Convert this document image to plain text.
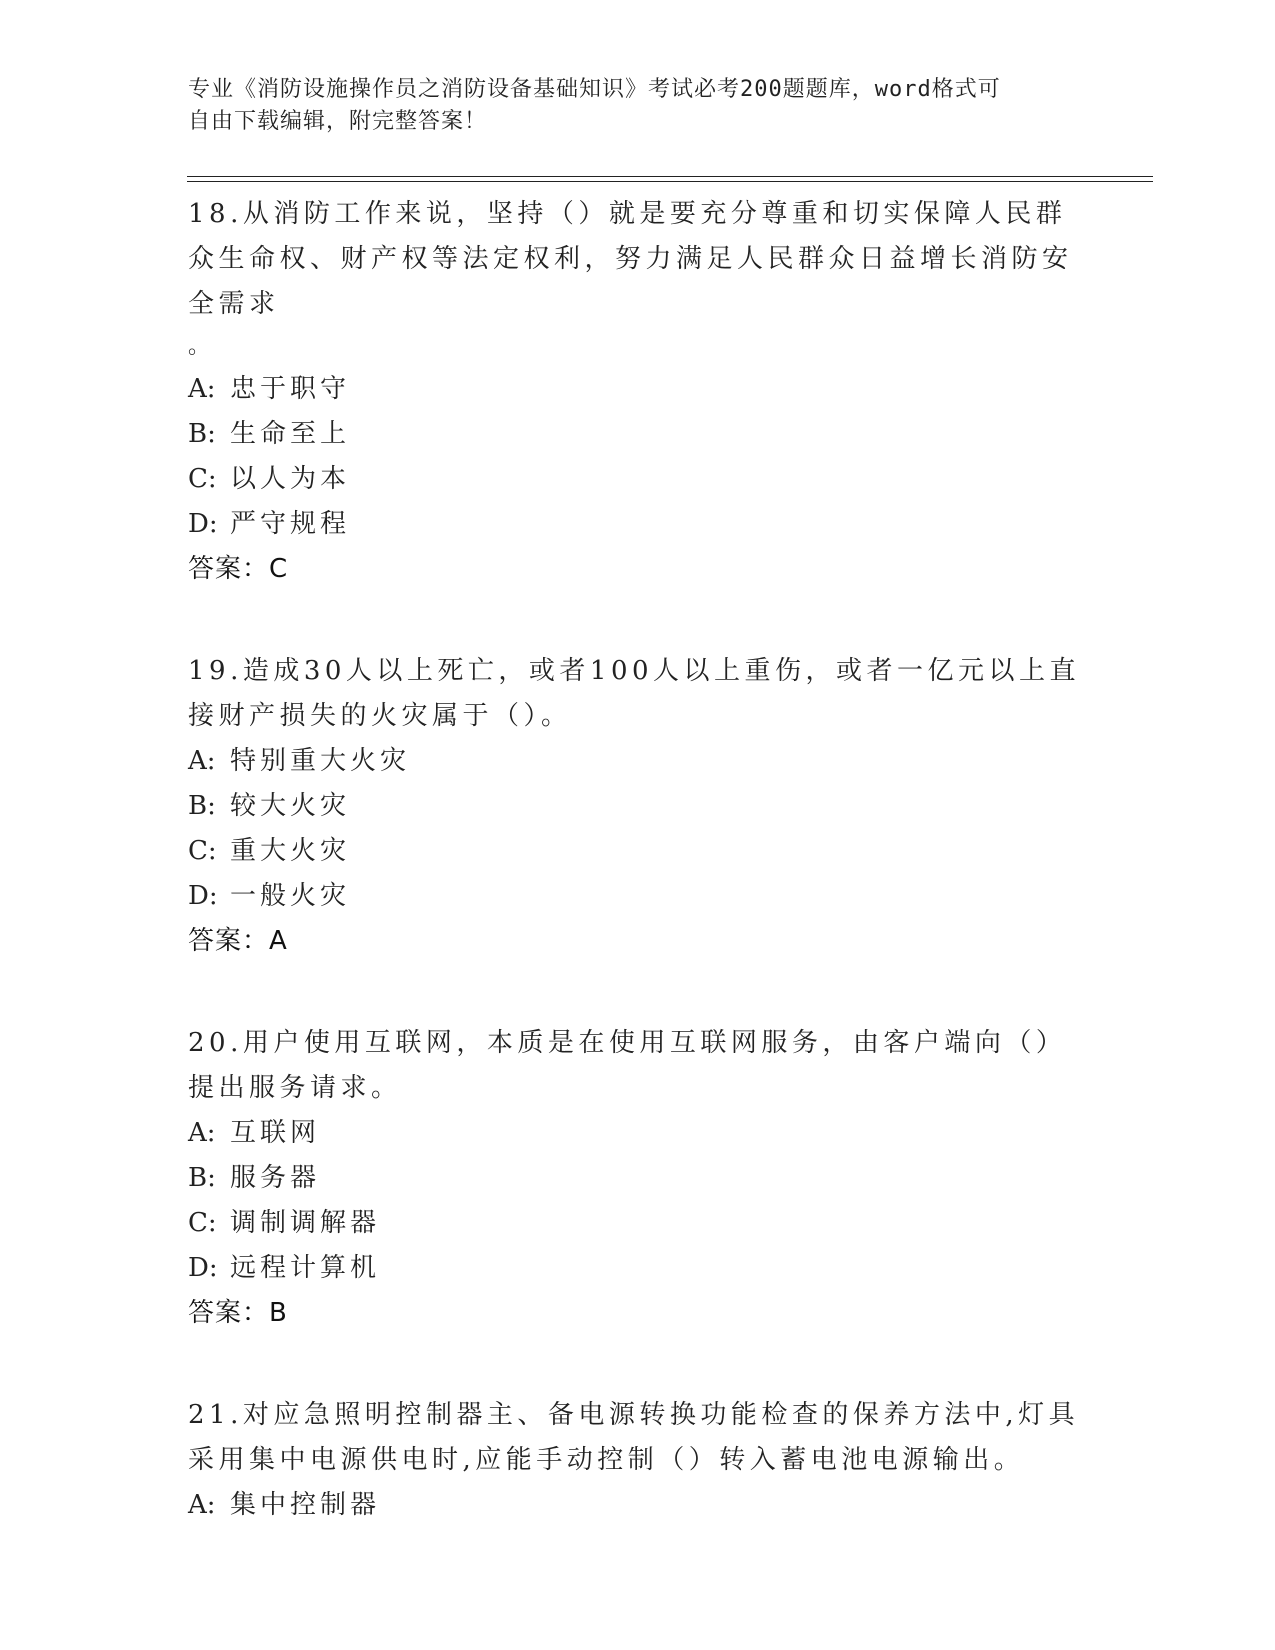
专业《消防设施操作员之消防设备基础知识》考试必考200题题库，word格式可
自由下载编辑，附完整答案！
18.从消防工作来说，坚持（）就是要充分尊重和切实保障人民群众生命权、财产权等法定权利，努力满足人民群众日益增长消防安全需求
。
A: 忠于职守
B: 生命至上
C: 以人为本
D: 严守规程
答案：C
19.造成30人以上死亡，或者100人以上重伤，或者一亿元以上直接财产损失的火灾属于（）。
A: 特别重大火灾
B: 较大火灾
C: 重大火灾
D: 一般火灾
答案：A
20.用户使用互联网，本质是在使用互联网服务，由客户端向（）提出服务请求。
A: 互联网
B: 服务器
C: 调制调解器
D: 远程计算机
答案：B
21.对应急照明控制器主、备电源转换功能检查的保养方法中,灯具采用集中电源供电时,应能手动控制（）转入蓄电池电源输出。
A: 集中控制器
